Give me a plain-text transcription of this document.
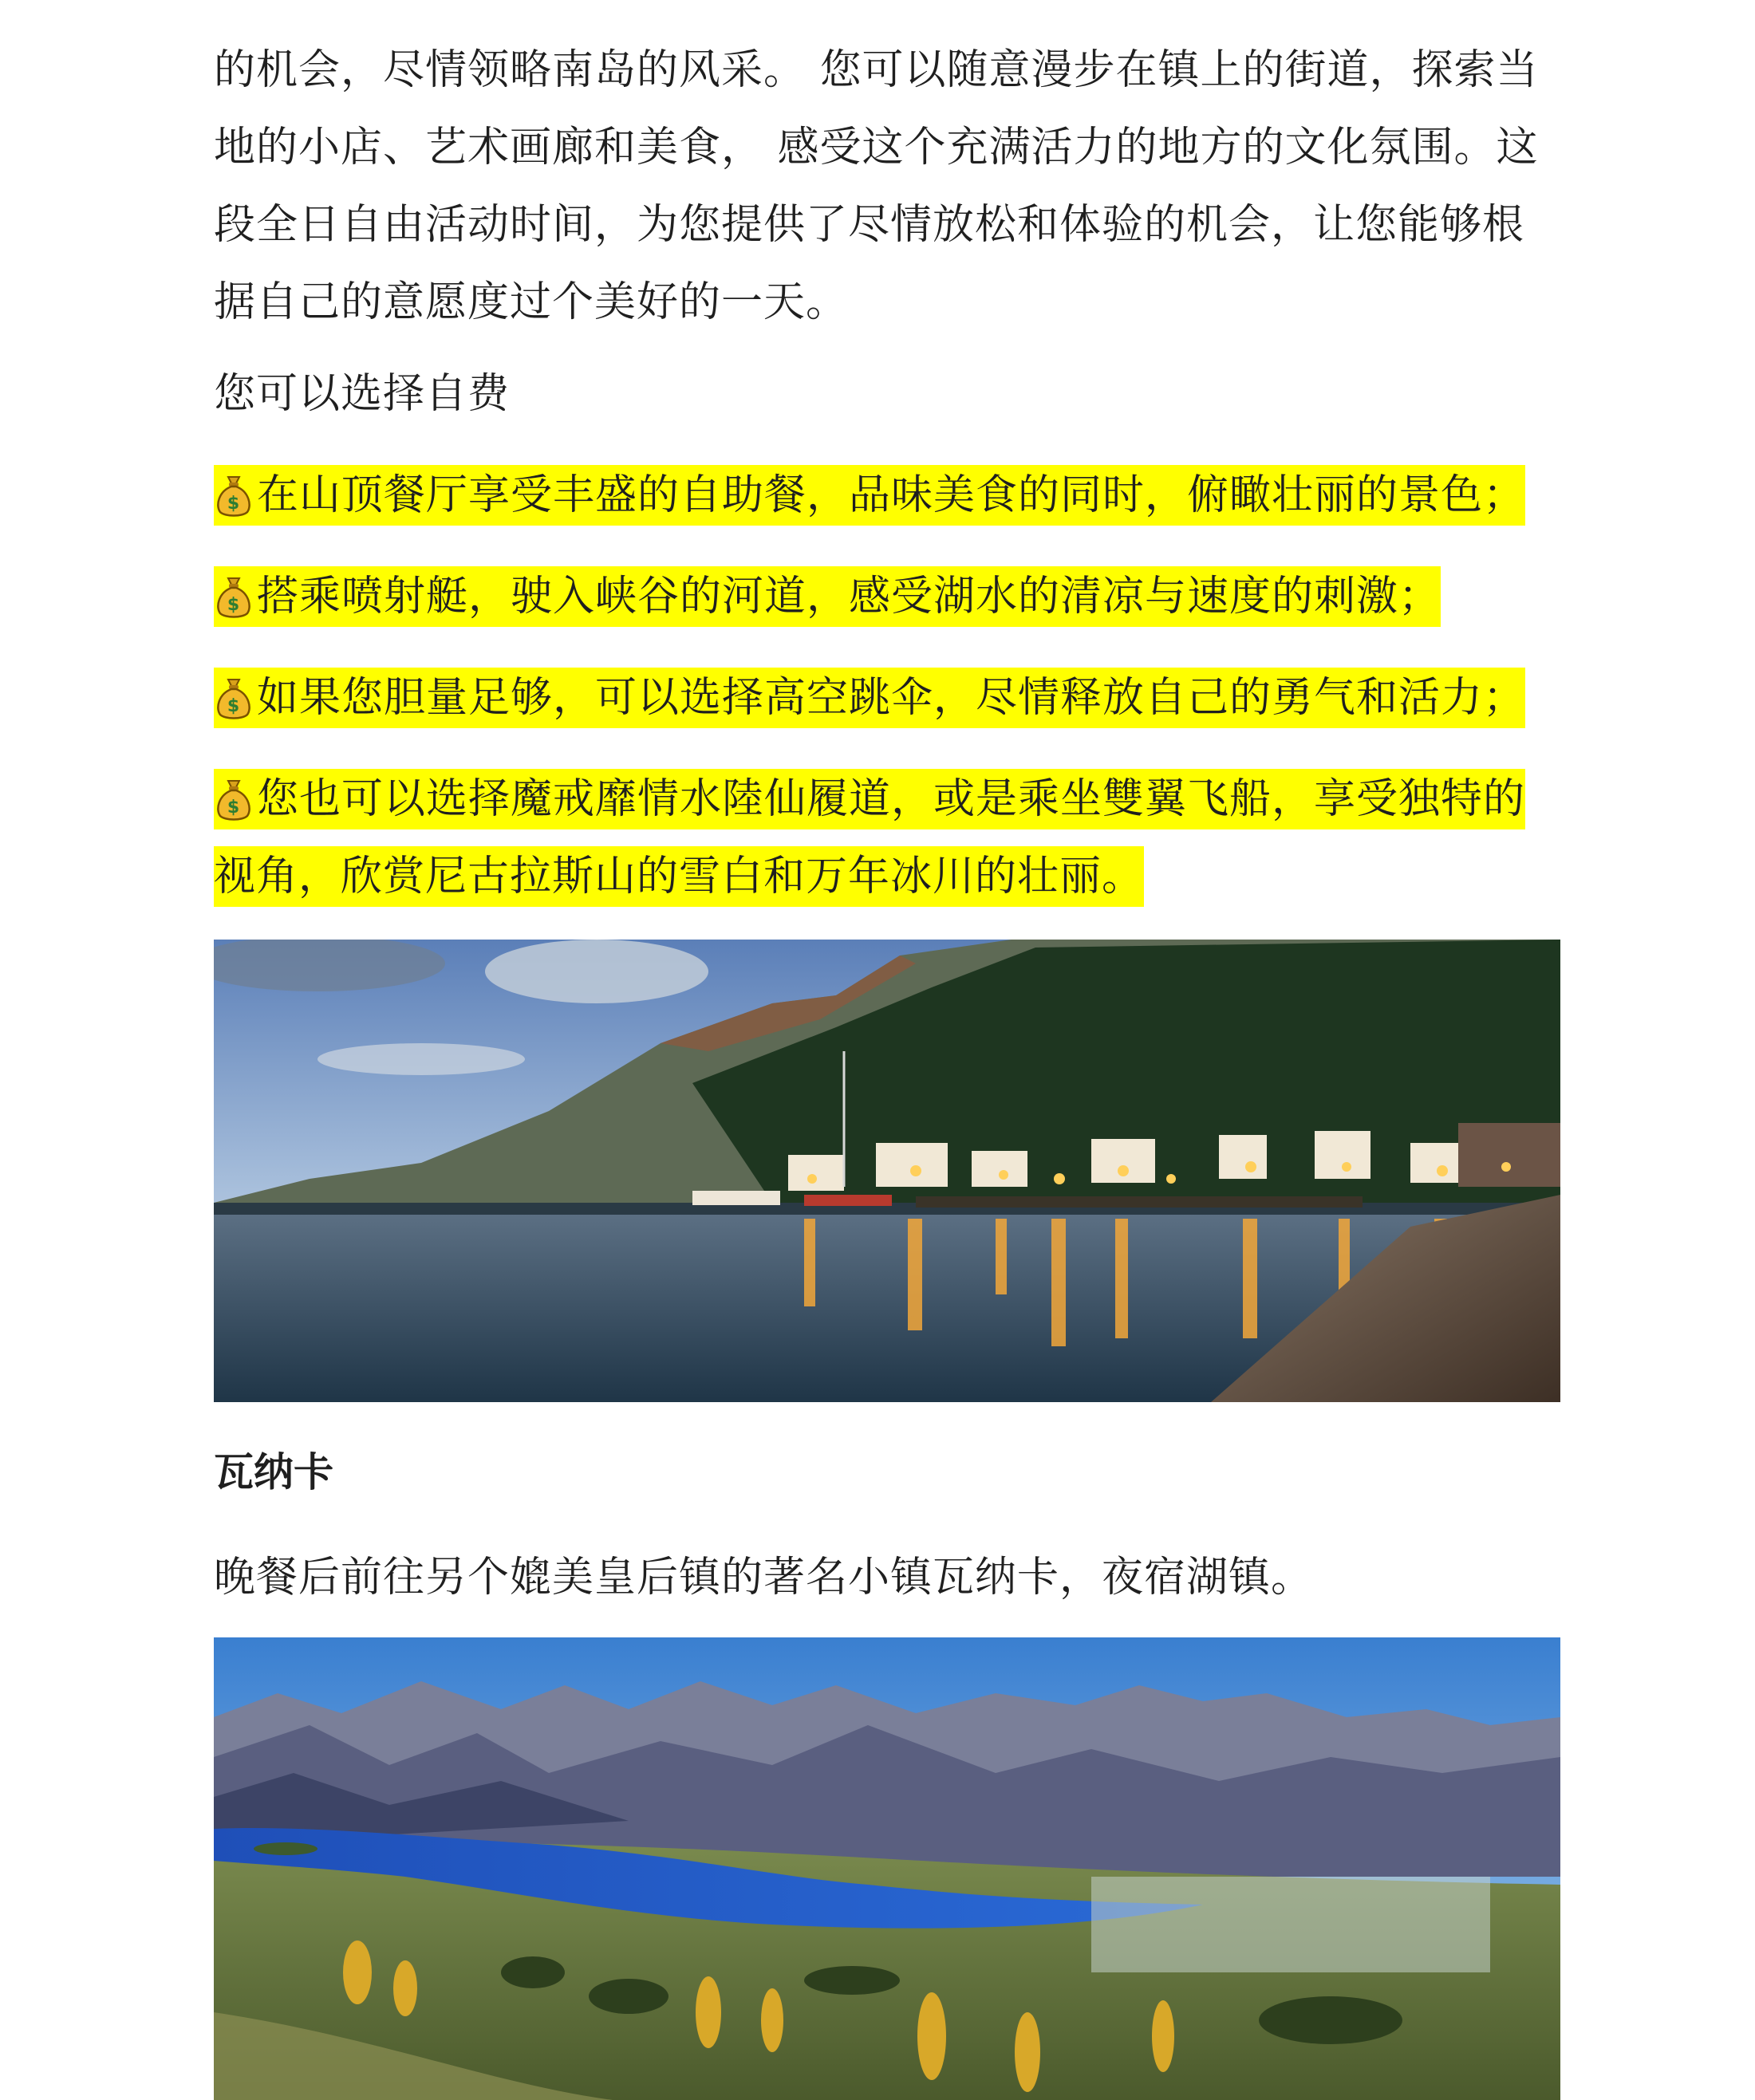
的机会，尽情领略南岛的风采。 您可以随意漫步在镇上的街道，探索当地的小店、艺术画廊和美食， 感受这个充满活力的地方的文化氛围。这段全日自由活动时间，为您提供了尽情放松和体验的机会，让您能够根据自己的意愿度过个美好的一天。

您可以选择自费

$ 在山顶餐厅享受丰盛的自助餐，品味美食的同时，俯瞰壮丽的景色；

$ 搭乘喷射艇，驶入峡谷的河道，感受湖水的清凉与速度的刺激；

$ 如果您胆量足够，可以选择高空跳伞，尽情释放自己的勇气和活力；

$ 您也可以选择魔戒靡情水陸仙履道，或是乘坐雙翼飞船，享受独特的视角，欣赏尼古拉斯山的雪白和万年冰川的壮丽。

瓦纳卡

晚餐后前往另个媲美皇后镇的著名小镇瓦纳卡，夜宿湖镇。
